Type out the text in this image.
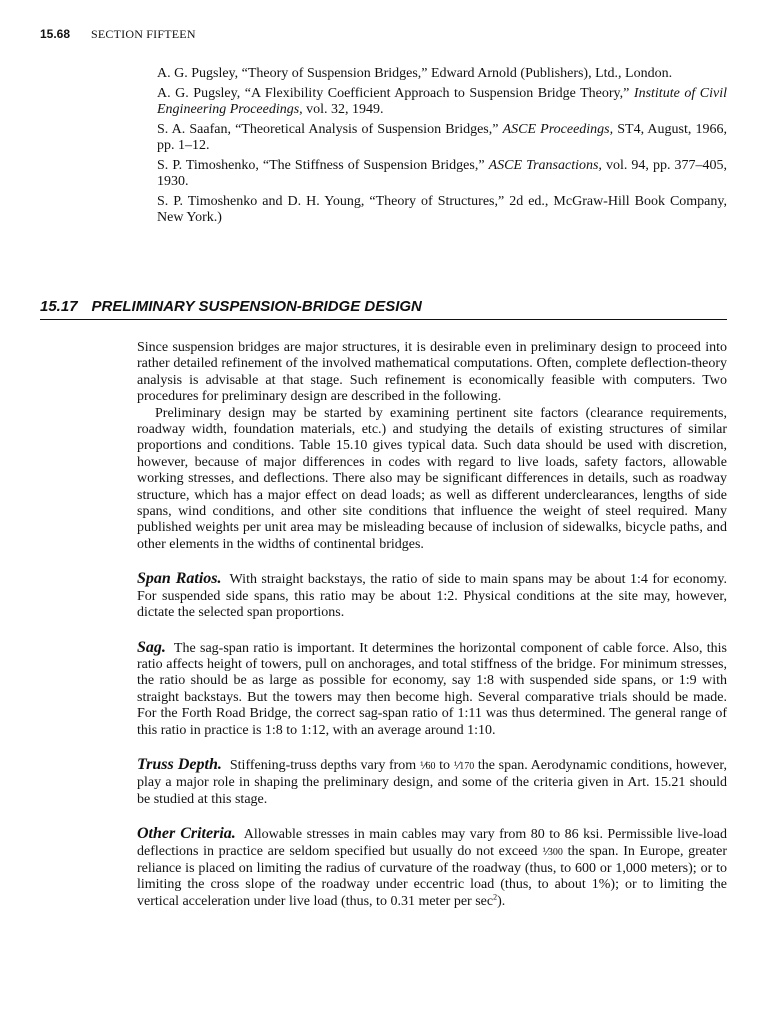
15.68 SECTION FIFTEEN

A. G. Pugsley, “Theory of Suspension Bridges,” Edward Arnold (Publishers), Ltd., London.

A. G. Pugsley, “A Flexibility Coefficient Approach to Suspension Bridge Theory,” Institute of Civil Engineering Proceedings, vol. 32, 1949.

S. A. Saafan, “Theoretical Analysis of Suspension Bridges,” ASCE Proceedings, ST4, August, 1966, pp. 1–12.

S. P. Timoshenko, “The Stiffness of Suspension Bridges,” ASCE Transactions, vol. 94, pp. 377–405, 1930.

S. P. Timoshenko and D. H. Young, “Theory of Structures,” 2d ed., McGraw-Hill Book Company, New York.)

15.17 PRELIMINARY SUSPENSION-BRIDGE DESIGN

Since suspension bridges are major structures, it is desirable even in preliminary design to proceed into rather detailed refinement of the involved mathematical computations. Often, complete deflection-theory analysis is advisable at that stage. Such refinement is economically feasible with computers. Two procedures for preliminary design are described in the following.

Preliminary design may be started by examining pertinent site factors (clearance requirements, roadway width, foundation materials, etc.) and studying the details of existing structures of similar proportions and conditions. Table 15.10 gives typical data. Such data should be used with discretion, however, because of major differences in codes with regard to live loads, safety factors, allowable working stresses, and deflections. There also may be significant differences in details, such as roadway structure, which has a major effect on dead loads; as well as different underclearances, lengths of side spans, wind conditions, and other site conditions that influence the weight of steel required. Many published weights per unit area may be misleading because of inclusion of sidewalks, bicycle paths, and other elements in the widths of continental bridges.

Span Ratios. With straight backstays, the ratio of side to main spans may be about 1:4 for economy. For suspended side spans, this ratio may be about 1:2. Physical conditions at the site may, however, dictate the selected span proportions.

Sag. The sag-span ratio is important. It determines the horizontal component of cable force. Also, this ratio affects height of towers, pull on anchorages, and total stiffness of the bridge. For minimum stresses, the ratio should be as large as possible for economy, say 1:8 with suspended side spans, or 1:9 with straight backstays. But the towers may then become high. Several comparative trials should be made. For the Forth Road Bridge, the correct sag-span ratio of 1:11 was thus determined. The general range of this ratio in practice is 1:8 to 1:12, with an average around 1:10.

Truss Depth. Stiffening-truss depths vary from ⅟60 to ⅟170 the span. Aerodynamic conditions, however, play a major role in shaping the preliminary design, and some of the criteria given in Art. 15.21 should be studied at this stage.

Other Criteria. Allowable stresses in main cables may vary from 80 to 86 ksi. Permissible live-load deflections in practice are seldom specified but usually do not exceed ⅟300 the span. In Europe, greater reliance is placed on limiting the radius of curvature of the roadway (thus, to 600 or 1,000 meters); or to limiting the cross slope of the roadway under eccentric load (thus, to about 1%); or to limiting the vertical acceleration under live load (thus, to 0.31 meter per $\sec^2$).
